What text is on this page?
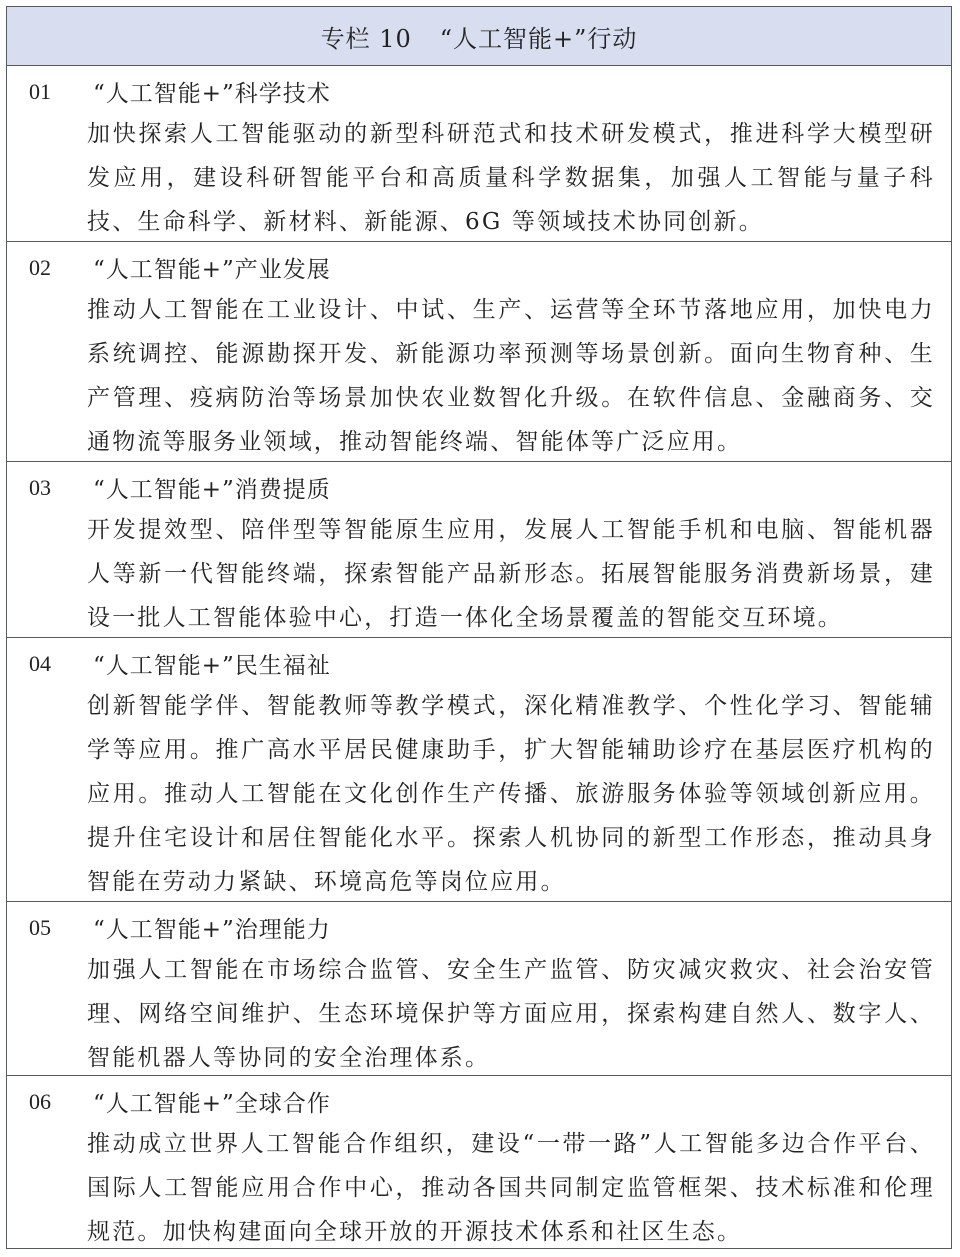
专栏 10 “人工智能+”行动
01 “人工智能+”科学技术
加快探索人工智能驱动的新型科研范式和技术研发模式，推进科学大模型研发应用，建设科研智能平台和高质量科学数据集，加强人工智能与量子科技、生命科学、新材料、新能源、6G 等领域技术协同创新。
02 “人工智能+”产业发展
推动人工智能在工业设计、中试、生产、运营等全环节落地应用，加快电力系统调控、能源勘探开发、新能源功率预测等场景创新。面向生物育种、生产管理、疫病防治等场景加快农业数智化升级。在软件信息、金融商务、交通物流等服务业领域，推动智能终端、智能体等广泛应用。
03 “人工智能+”消费提质
开发提效型、陪伴型等智能原生应用，发展人工智能手机和电脑、智能机器人等新一代智能终端，探索智能产品新形态。拓展智能服务消费新场景，建设一批人工智能体验中心，打造一体化全场景覆盖的智能交互环境。
04 “人工智能+”民生福祉
创新智能学伴、智能教师等教学模式，深化精准教学、个性化学习、智能辅学等应用。推广高水平居民健康助手，扩大智能辅助诊疗在基层医疗机构的应用。推动人工智能在文化创作生产传播、旅游服务体验等领域创新应用。提升住宅设计和居住智能化水平。探索人机协同的新型工作形态，推动具身智能在劳动力紧缺、环境高危等岗位应用。
05 “人工智能+”治理能力
加强人工智能在市场综合监管、安全生产监管、防灾减灾救灾、社会治安管理、网络空间维护、生态环境保护等方面应用，探索构建自然人、数字人、智能机器人等协同的安全治理体系。
06 “人工智能+”全球合作
推动成立世界人工智能合作组织，建设“一带一路”人工智能多边合作平台、国际人工智能应用合作中心，推动各国共同制定监管框架、技术标准和伦理规范。加快构建面向全球开放的开源技术体系和社区生态。
